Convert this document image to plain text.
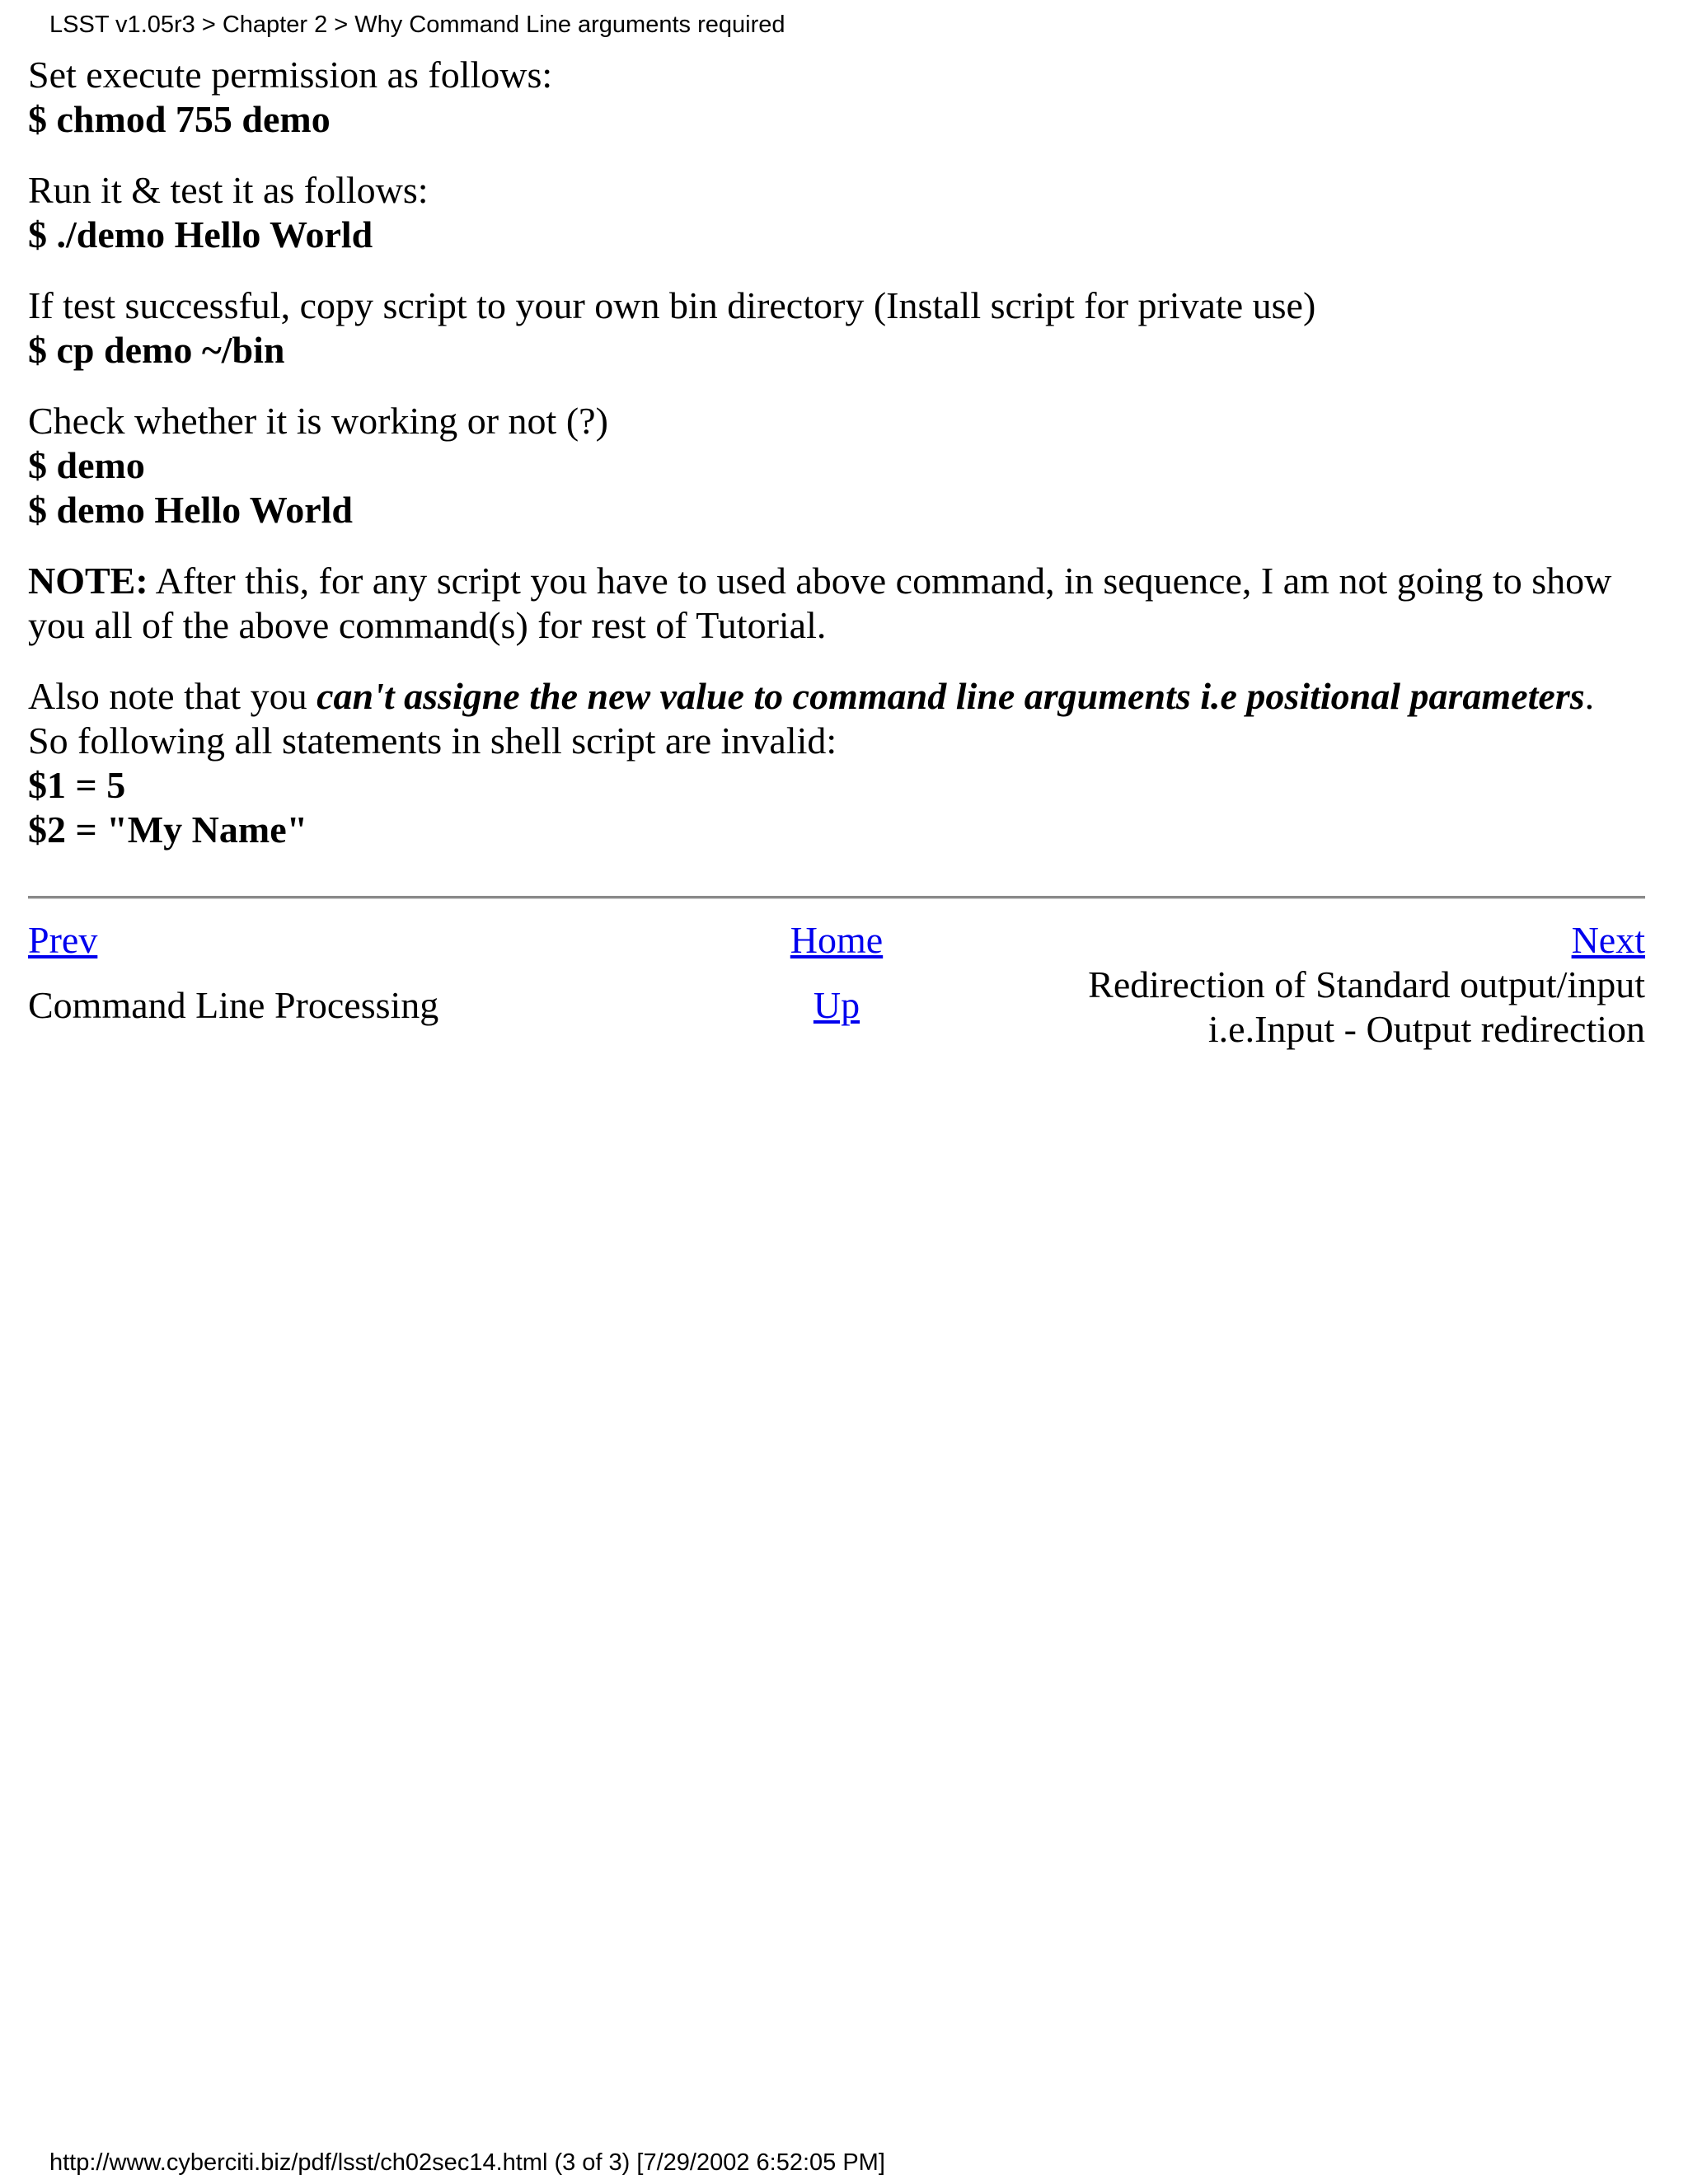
LSST v1.05r3 > Chapter 2 > Why Command Line arguments required
Set execute permission as follows:
$ chmod 755 demo
Run it & test it as follows:
$ ./demo Hello World
If test successful, copy script to your own bin directory (Install script for private use)
$ cp demo ~/bin
Check whether it is working or not (?)
$ demo
$ demo Hello World
NOTE: After this, for any script you have to used above command, in sequence, I am not going to show you all of the above command(s) for rest of Tutorial.
Also note that you can't assigne the new value to command line arguments i.e positional parameters.
So following all statements in shell script are invalid:
$1 = 5
$2 = "My Name"
Prev	Home	Next
Command Line Processing	Up	Redirection of Standard output/input
i.e.Input - Output redirection
http://www.cyberciti.biz/pdf/lsst/ch02sec14.html (3 of 3) [7/29/2002 6:52:05 PM]
